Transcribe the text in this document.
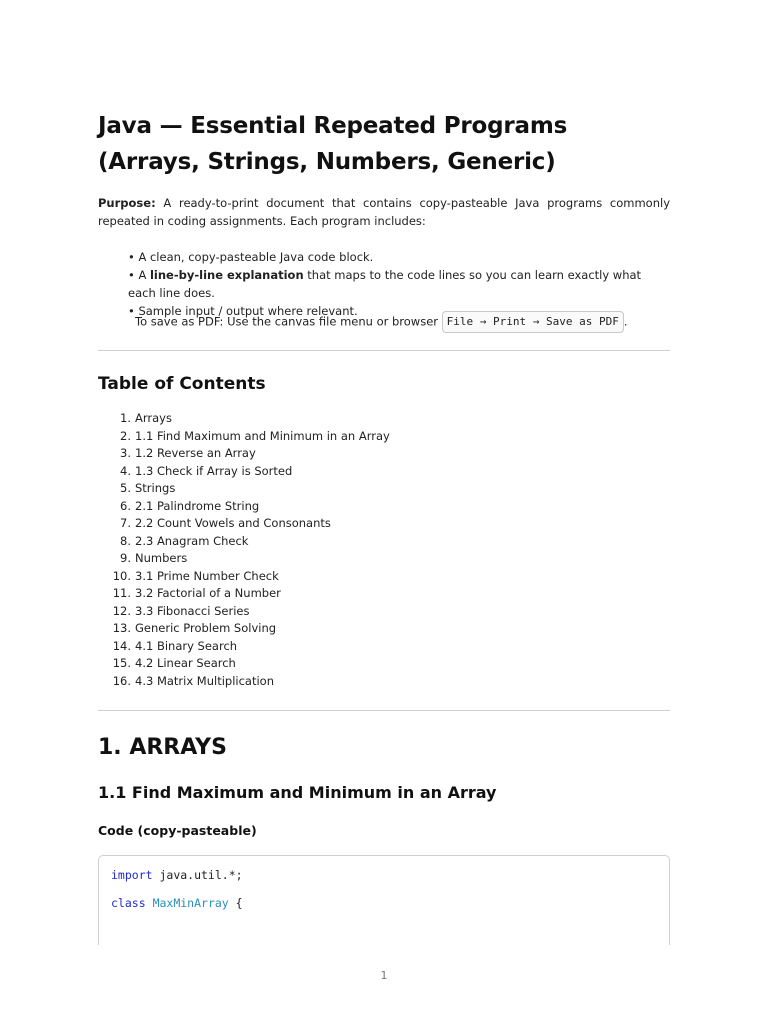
Java — Essential Repeated Programs (Arrays, Strings, Numbers, Generic)

Purpose: A ready-to-print document that contains copy-pasteable Java programs commonly repeated in coding assignments. Each program includes:

• A clean, copy-pasteable Java code block.
• A line-by-line explanation that maps to the code lines so you can learn exactly what each line does.
• Sample input / output where relevant.
To save as PDF: Use the canvas file menu or browser File → Print → Save as PDF .
Table of Contents
1. Arrays
2. 1.1 Find Maximum and Minimum in an Array
3. 1.2 Reverse an Array
4. 1.3 Check if Array is Sorted
5. Strings
6. 2.1 Palindrome String
7. 2.2 Count Vowels and Consonants
8. 2.3 Anagram Check
9. Numbers
10. 3.1 Prime Number Check
11. 3.2 Factorial of a Number
12. 3.3 Fibonacci Series
13. Generic Problem Solving
14. 4.1 Binary Search
15. 4.2 Linear Search
16. 4.3 Matrix Multiplication
1. ARRAYS
1.1 Find Maximum and Minimum in an Array
Code (copy-pasteable)
import java.util.*;
class MaxMinArray {
1
